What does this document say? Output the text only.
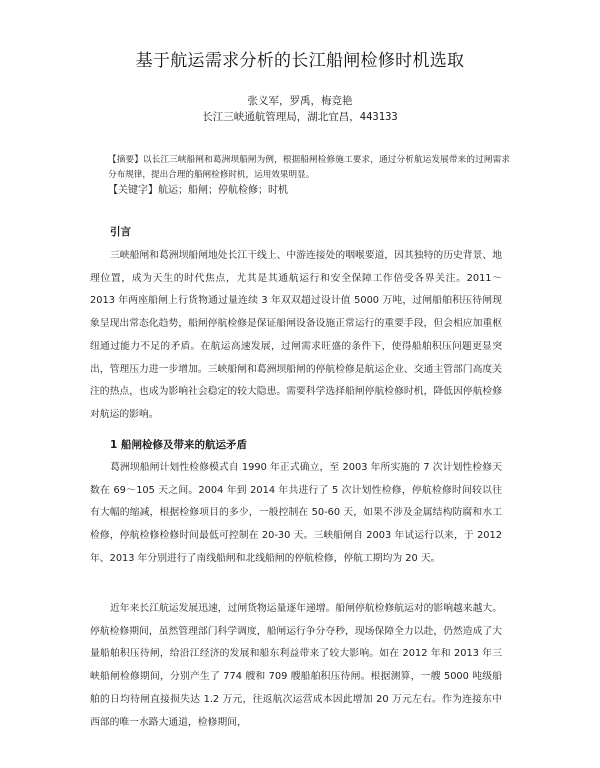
基于航运需求分析的长江船闸检修时机选取
张义军，罗禹，梅竞艳
长江三峡通航管理局，湖北宜昌，443133
【摘要】以长江三峡船闸和葛洲坝船闸为例，根据船闸检修施工要求，通过分析航运发展带来的过闸需求分布规律，提出合理的船闸检修时机，运用效果明显。
【关键字】航运；船闸；停航检修；时机
引言
三峡船闸和葛洲坝船闸地处长江干线上、中游连接处的咽喉要道，因其独特的历史背景、地理位置，成为天生的时代焦点，尤其是其通航运行和安全保障工作倍受各界关注。2011～2013 年两座船闸上行货物通过量连续 3 年双双超过设计值 5000 万吨，过闸船舶积压待闸现象呈现出常态化趋势，船闸停航检修是保证船闸设备设施正常运行的重要手段，但会相应加重枢纽通过能力不足的矛盾。在航运高速发展，过闸需求旺盛的条件下，使得船舶积压问题更显突出，管理压力进一步增加。三峡船闸和葛洲坝船闸的停航检修是航运企业、交通主管部门高度关注的热点，也成为影响社会稳定的较大隐患。需要科学选择船闸停航检修时机，降低因停航检修对航运的影响。
1 船闸检修及带来的航运矛盾
葛洲坝船闸计划性检修模式自 1990 年正式确立，至 2003 年所实施的 7 次计划性检修天数在 69～105 天之间。2004 年到 2014 年共进行了 5 次计划性检修，停航检修时间较以往有大幅的缩减，根据检修项目的多少，一般控制在 50-60 天，如果不涉及金属结构防腐和水工检修，停航检修检修时间最低可控制在 20-30 天。三峡船闸自 2003 年试运行以来，于 2012 年、2013 年分别进行了南线船闸和北线船闸的停航检修，停航工期均为 20 天。
近年来长江航运发展迅速，过闸货物运量逐年递增。船闸停航检修航运对的影响越来越大。停航检修期间，虽然管理部门科学调度，船闸运行争分夺秒，现场保障全力以赴，仍然造成了大量船舶积压待闸，给沿江经济的发展和船东利益带来了较大影响。如在 2012 年和 2013 年三峡船闸检修期间，分别产生了 774 艘和 709 艘船舶积压待闸。根据测算，一艘 5000 吨级船舶的日均待闸直接损失达 1.2 万元，往返航次运营成本因此增加 20 万元左右。作为连接东中西部的唯一水路大通道，检修期间，
